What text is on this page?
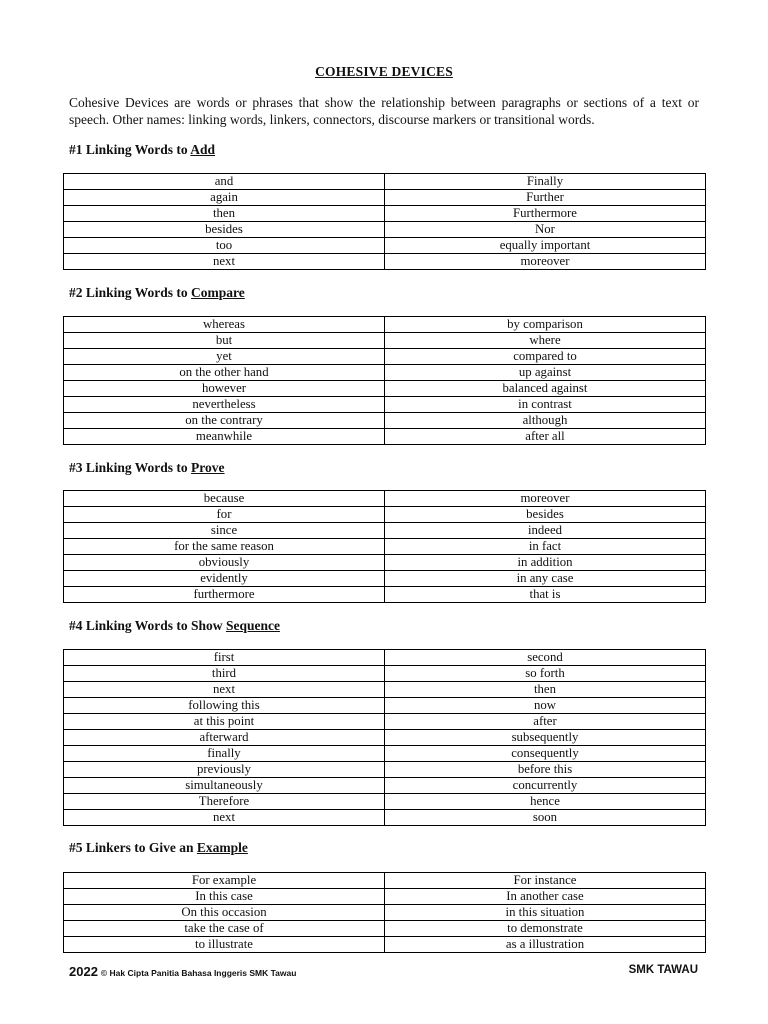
COHESIVE DEVICES
Cohesive Devices are words or phrases that show the relationship between paragraphs or sections of a text or speech. Other names: linking words, linkers, connectors, discourse markers or transitional words.
#1 Linking Words to Add
and	Finally
again	Further
then	Furthermore
besides	Nor
too	equally important
next	moreover
#2 Linking Words to Compare
whereas	by comparison
but	where
yet	compared to
on the other hand	up against
however	balanced against
nevertheless	in contrast
on the contrary	although
meanwhile	after all
#3 Linking Words to Prove
because	moreover
for	besides
since	indeed
for the same reason	in fact
obviously	in addition
evidently	in any case
furthermore	that is
#4 Linking Words to Show Sequence
first	second
third	so forth
next	then
following this	now
at this point	after
afterward	subsequently
finally	consequently
previously	before this
simultaneously	concurrently
Therefore	hence
next	soon
#5 Linkers to Give an Example
For example	For instance
In this case	In another case
On this occasion	in this situation
take the case of	to demonstrate
to illustrate	as a illustration
2022 © Hak Cipta Panitia Bahasa Inggeris SMK Tawau	SMK TAWAU
